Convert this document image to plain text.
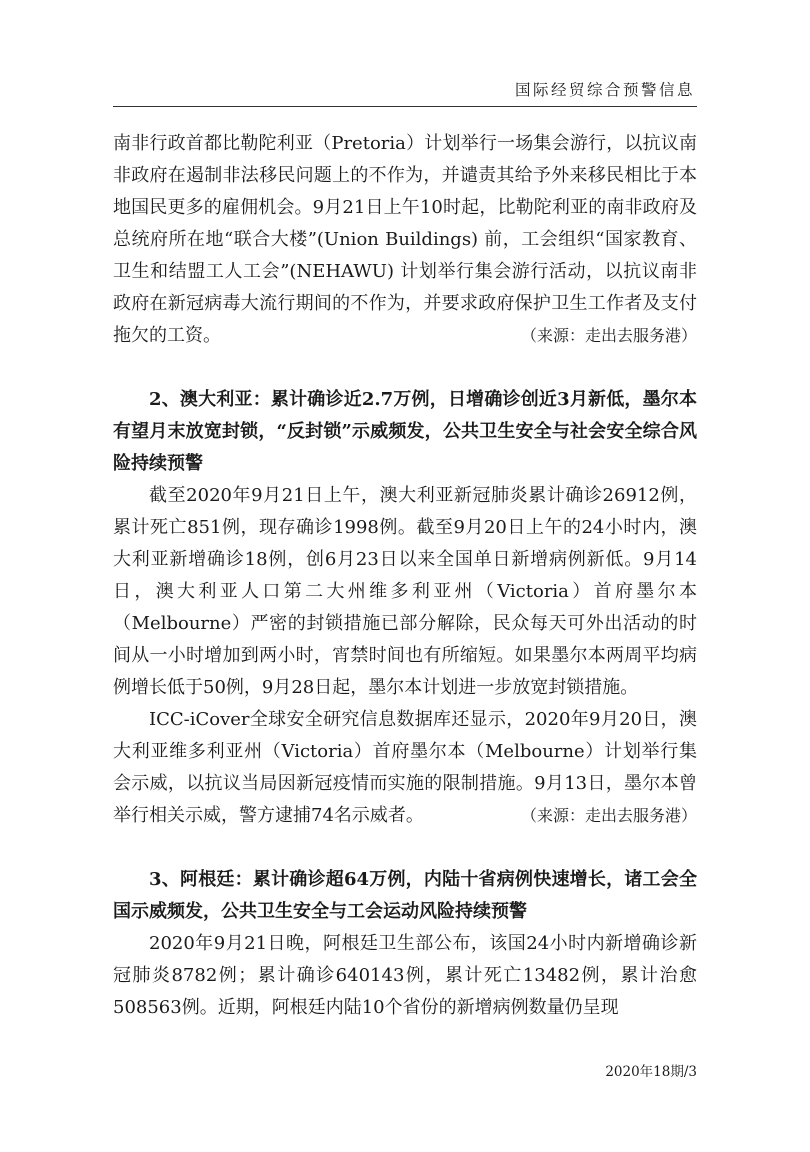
国际经贸综合预警信息

南非行政首都比勒陀利亚（Pretoria）计划举行一场集会游行，以抗议南非政府在遏制非法移民问题上的不作为，并谴责其给予外来移民相比于本地国民更多的雇佣机会。9月21日上午10时起，比勒陀利亚的南非政府及总统府所在地“联合大楼”(Union Buildings) 前，工会组织“国家教育、卫生和结盟工人工会”(NEHAWU) 计划举行集会游行活动，以抗议南非政府在新冠病毒大流行期间的不作为，并要求政府保护卫生工作者及支付拖欠的工资。	（来源：走出去服务港）

2、澳大利亚：累计确诊近2.7万例，日增确诊创近3月新低，墨尔本有望月末放宽封锁，“反封锁”示威频发，公共卫生安全与社会安全综合风险持续预警

截至2020年9月21日上午，澳大利亚新冠肺炎累计确诊26912例，累计死亡851例，现存确诊1998例。截至9月20日上午的24小时内，澳大利亚新增确诊18例，创6月23日以来全国单日新增病例新低。9月14日，澳大利亚人口第二大州维多利亚州（Victoria）首府墨尔本（Melbourne）严密的封锁措施已部分解除，民众每天可外出活动的时间从一小时增加到两小时，宵禁时间也有所缩短。如果墨尔本两周平均病例增长低于50例，9月28日起，墨尔本计划进一步放宽封锁措施。

ICC-iCover全球安全研究信息数据库还显示，2020年9月20日，澳大利亚维多利亚州（Victoria）首府墨尔本（Melbourne）计划举行集会示威，以抗议当局因新冠疫情而实施的限制措施。9月13日，墨尔本曾举行相关示威，警方逮捕74名示威者。	（来源：走出去服务港）

3、阿根廷：累计确诊超64万例，内陆十省病例快速增长，诸工会全国示威频发，公共卫生安全与工会运动风险持续预警

2020年9月21日晚，阿根廷卫生部公布，该国24小时内新增确诊新冠肺炎8782例；累计确诊640143例，累计死亡13482例，累计治愈508563例。近期，阿根廷内陆10个省份的新增病例数量仍呈现

2020年18期/3
